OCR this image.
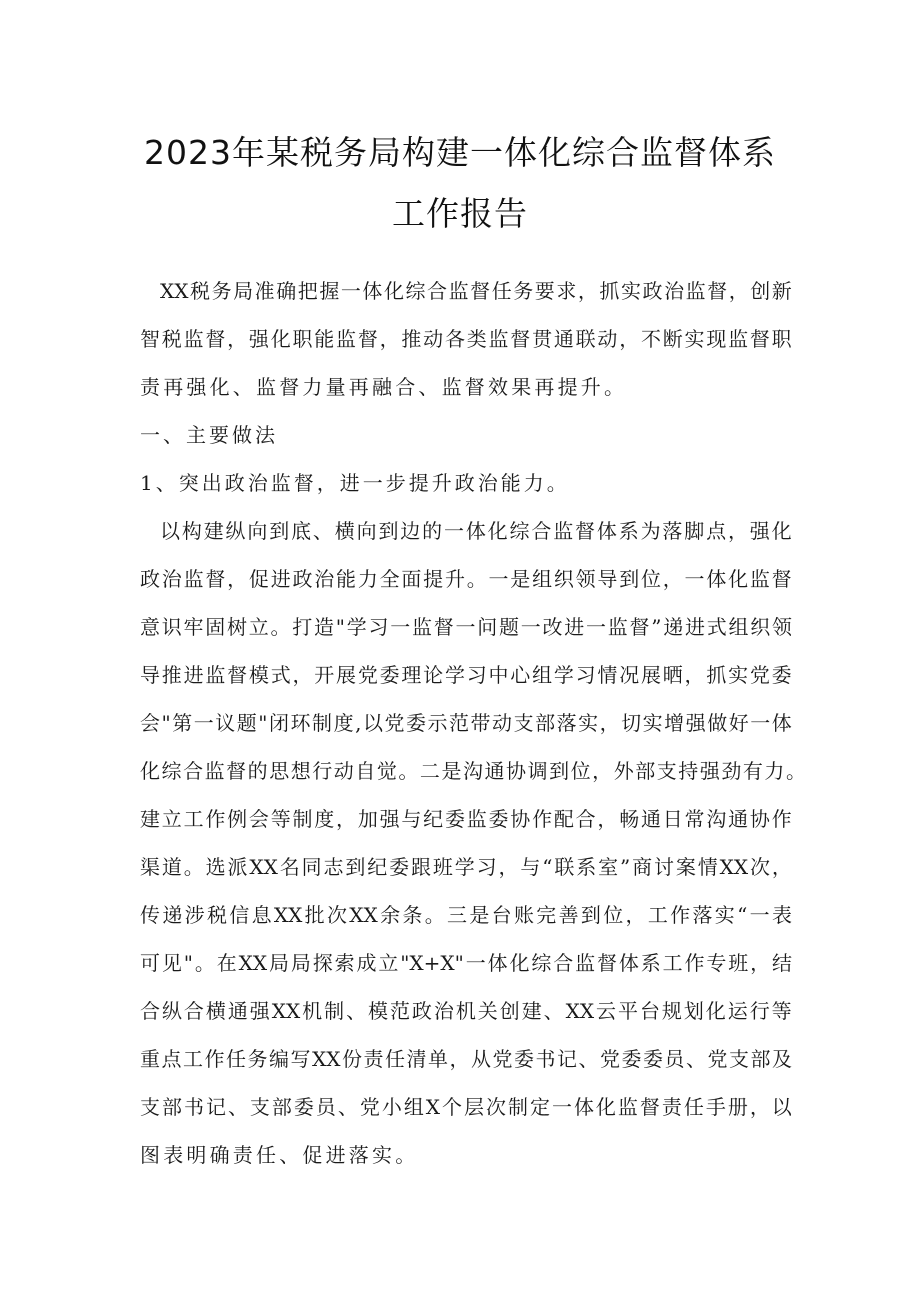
2023年某税务局构建一体化综合监督体系
工作报告

XX 税 务 局 准 确 把 握 一 体 化 综 合 监 督 任 务 要 求 ， 抓 实 政 治 监 督 ， 创 新

智 税 监 督 ， 强 化 职 能 监 督 ， 推 动 各 类 监 督 贯 通 联 动 ， 不 断 实 现 监 督 职

责再强化、监督力量再融合、监督效果再提升。

一、主要做法

1、突出政治监督，进一步提升政治能力。

以 构 建 纵 向 到 底 、 横 向 到 边 的 一 体 化 综 合 监 督 体 系 为 落 脚 点 ， 强 化

政 治 监 督 ， 促 进 政 治 能 力 全 面 提 升 。 一 是 组 织 领 导 到 位 ， 一 体 化 监 督

意 识 牢 固 树 立 。 打 造 " 学 习 一 监 督 一 问 题 一 改 进 一 监 督 ” 递 进 式 组 织 领

导 推 进 监 督 模 式 ， 开 展 党 委 理 论 学 习 中 心 组 学 习 情 况 展 晒 ， 抓 实 党 委

会 " 第 一 议 题 " 闭 环 制 度 , 以 党 委 示 范 带 动 支 部 落 实 ， 切 实 增 强 做 好 一 体

化 综 合 监 督 的 思 想 行 动 自 觉 。 二 是 沟 通 协 调 到 位 ， 外 部 支 持 强 劲 有 力 。

建 立 工 作 例 会 等 制 度 ， 加 强 与 纪 委 监 委 协 作 配 合 ， 畅 通 日 常 沟 通 协 作

渠 道 。 选 派 XX 名 同 志 到 纪 委 跟 班 学 习 ， 与 “ 联 系 室 ” 商 讨 案 情 XX 次 ，

传 递 涉 税 信 息 XX 批 次 XX 余 条 。 三 是 台 账 完 善 到 位 ， 工 作 落 实 “ 一 表

可 见 " 。 在 XX 局 局 探 索 成 立 "X+X" 一 体 化 综 合 监 督 体 系 工 作 专 班 ， 结

合 纵 合 横 通 强 XX 机 制 、 模 范 政 治 机 关 创 建 、 XX 云 平 台 规 划 化 运 行 等

重 点 工 作 任 务 编 写 XX 份 责 任 清 单 ， 从 党 委 书 记 、 党 委 委 员 、 党 支 部 及

支 部 书 记 、 支 部 委 员 、 党 小 组 X 个 层 次 制 定 一 体 化 监 督 责 任 手 册 ， 以

图表明确责任、促进落实。
